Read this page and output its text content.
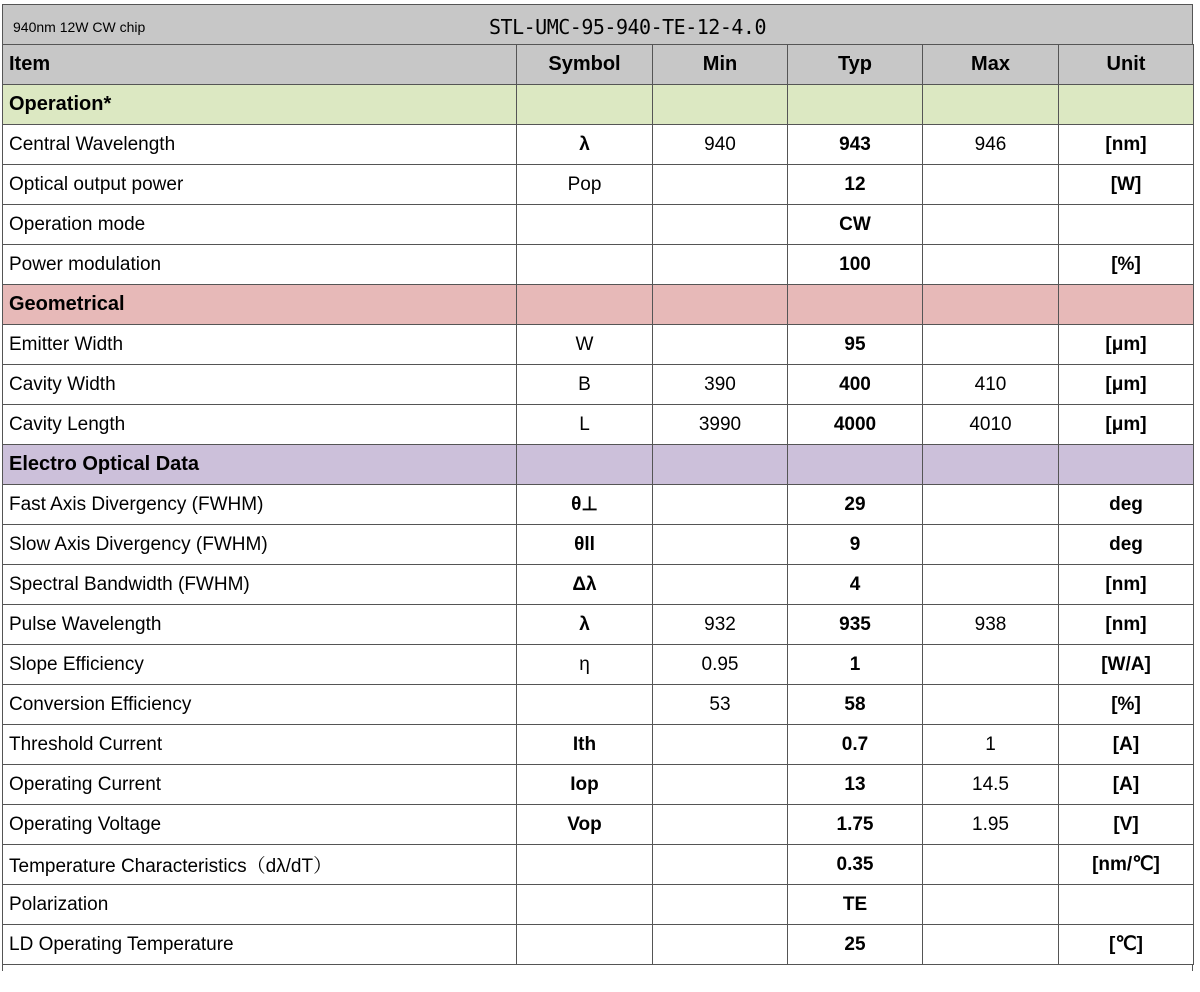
940nm 12W CW chip	STL-UMC-95-940-TE-12-4.0
Item	Symbol	Min	Typ	Max	Unit
Operation*					
Central Wavelength	λ	940	943	946	[nm]
Optical output power	Pop		12		[W]
Operation mode			CW		
Power modulation			100		[%]
Geometrical					
Emitter Width	W		95		[μm]
Cavity Width	B	390	400	410	[μm]
Cavity Length	L	3990	4000	4010	[μm]
Electro Optical Data					
Fast Axis Divergency (FWHM)	θ⊥		29		deg
Slow Axis Divergency (FWHM)	θll		9		deg
Spectral Bandwidth (FWHM)	Δλ		4		[nm]
Pulse Wavelength	λ	932	935	938	[nm]
Slope Efficiency	η	0.95	1		[W/A]
Conversion Efficiency		53	58		[%]
Threshold Current	Ith		0.7	1	[A]
Operating Current	Iop		13	14.5	[A]
Operating Voltage	Vop		1.75	1.95	[V]
Temperature Characteristics（dλ/dT）			0.35		[nm/℃]
Polarization			TE		
LD Operating Temperature			25		[℃]
